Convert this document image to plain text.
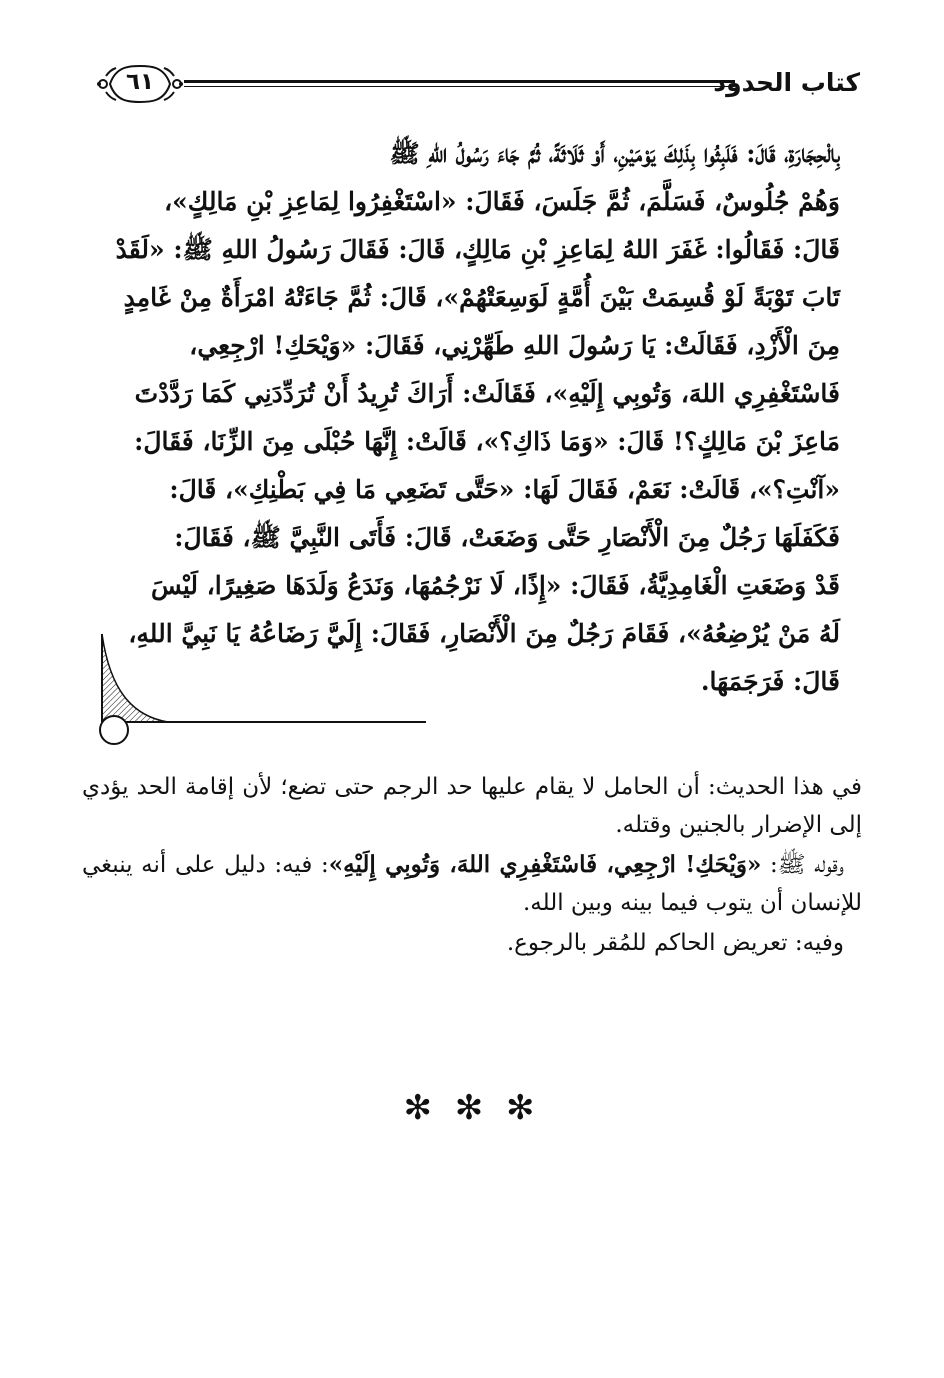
كتاب الحدود
٦١

بِالْحِجَارَةِ، قَالَ: فَلَبِثُوا بِذَلِكَ يَوْمَيْنِ، أَوْ ثَلَاثَةً، ثُمَّ جَاءَ رَسُولُ اللهِ ﷺ

وَهُمْ جُلُوسٌ، فَسَلَّمَ، ثُمَّ جَلَسَ، فَقَالَ: «اسْتَغْفِرُوا لِمَاعِزِ بْنِ مَالِكٍ»،

قَالَ: فَقَالُوا: غَفَرَ اللهُ لِمَاعِزِ بْنِ مَالِكٍ، قَالَ: فَقَالَ رَسُولُ اللهِ ﷺ: «لَقَدْ

تَابَ تَوْبَةً لَوْ قُسِمَتْ بَيْنَ أُمَّةٍ لَوَسِعَتْهُمْ»، قَالَ: ثُمَّ جَاءَتْهُ امْرَأَةٌ مِنْ غَامِدٍ

مِنَ الْأَزْدِ، فَقَالَتْ: يَا رَسُولَ اللهِ طَهِّرْنِي، فَقَالَ: «وَيْحَكِ! ارْجِعِي،

فَاسْتَغْفِرِي اللهَ، وَتُوبِي إِلَيْهِ»، فَقَالَتْ: أَرَاكَ تُرِيدُ أَنْ تُرَدِّدَنِي كَمَا رَدَّدْتَ

مَاعِزَ بْنَ مَالِكٍ؟! قَالَ: «وَمَا ذَاكِ؟»، قَالَتْ: إِنَّهَا حُبْلَى مِنَ الزِّنَا، فَقَالَ:

«آنْتِ؟»، قَالَتْ: نَعَمْ، فَقَالَ لَهَا: «حَتَّى تَضَعِي مَا فِي بَطْنِكِ»، قَالَ:

فَكَفَلَهَا رَجُلٌ مِنَ الْأَنْصَارِ حَتَّى وَضَعَتْ، قَالَ: فَأَتَى النَّبِيَّ ﷺ، فَقَالَ:

قَدْ وَضَعَتِ الْغَامِدِيَّةُ، فَقَالَ: «إِذًا، لَا نَرْجُمُهَا، وَنَدَعُ وَلَدَهَا صَغِيرًا، لَيْسَ

لَهُ مَنْ يُرْضِعُهُ»، فَقَامَ رَجُلٌ مِنَ الْأَنْصَارِ، فَقَالَ: إِلَيَّ رَضَاعُهُ يَا نَبِيَّ اللهِ،

قَالَ: فَرَجَمَهَا.

في هذا الحديث: أن الحامل لا يقام عليها حد الرجم حتى تضع؛ لأن إقامة الحد يؤدي إلى الإضرار بالجنين وقتله.

وقوله ﷺ: «وَيْحَكِ! ارْجِعِي، فَاسْتَغْفِرِي اللهَ، وَتُوبِي إِلَيْهِ»: فيه: دليل على أنه ينبغي للإنسان أن يتوب فيما بينه وبين الله.

وفيه: تعريض الحاكم للمُقر بالرجوع.

✻ ✻ ✻
